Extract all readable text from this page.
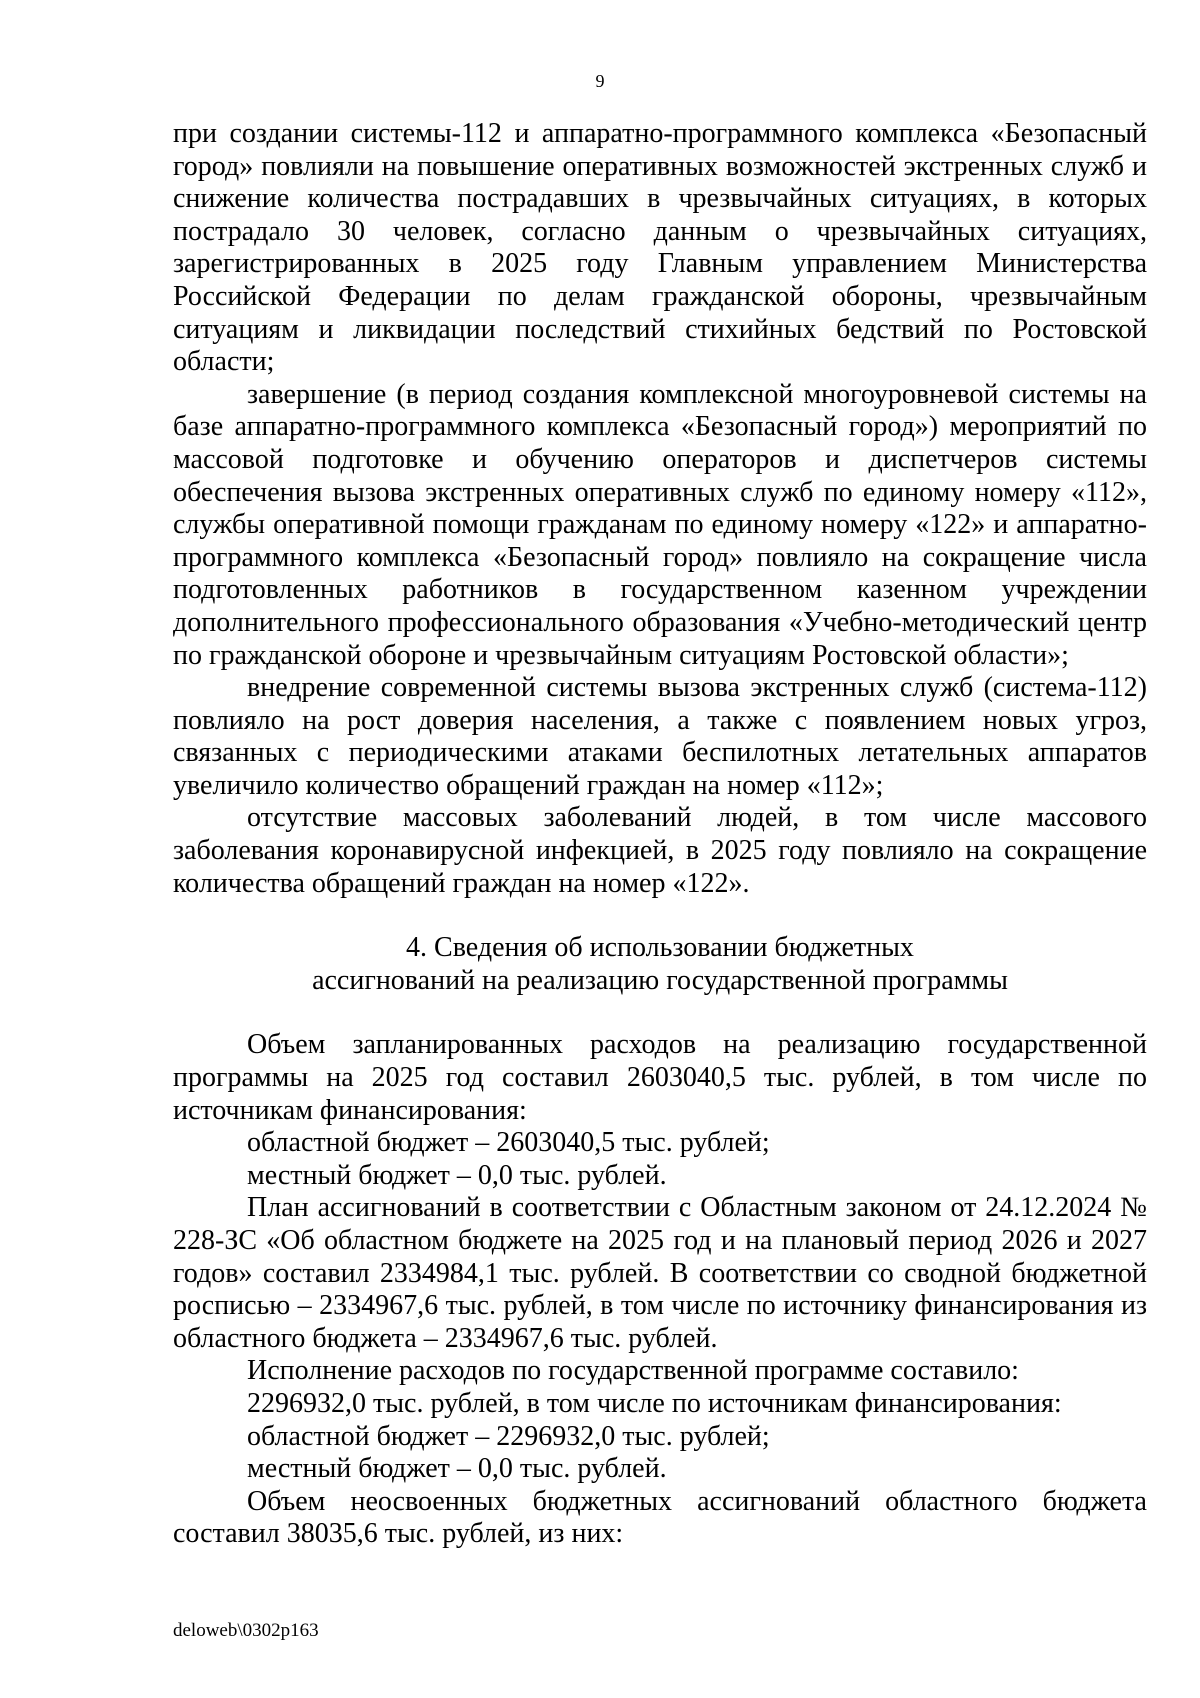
9

при создании системы-112 и аппаратно-программного комплекса «Безопасный город» повлияли на повышение оперативных возможностей экстренных служб и снижение количества пострадавших в чрезвычайных ситуациях, в которых пострадало 30 человек, согласно данным о чрезвычайных ситуациях, зарегистрированных в 2025 году Главным управлением Министерства Российской Федерации по делам гражданской обороны, чрезвычайным ситуациям и ликвидации последствий стихийных бедствий по Ростовской области;

завершение (в период создания комплексной многоуровневой системы на базе аппаратно-программного комплекса «Безопасный город») мероприятий по массовой подготовке и обучению операторов и диспетчеров системы обеспечения вызова экстренных оперативных служб по единому номеру «112», службы оперативной помощи гражданам по единому номеру «122» и аппаратно-программного комплекса «Безопасный город» повлияло на сокращение числа подготовленных работников в государственном казенном учреждении дополнительного профессионального образования «Учебно-методический центр по гражданской обороне и чрезвычайным ситуациям Ростовской области»;

внедрение современной системы вызова экстренных служб (система-112) повлияло на рост доверия населения, а также с появлением новых угроз, связанных с периодическими атаками беспилотных летательных аппаратов увеличило количество обращений граждан на номер «112»;

отсутствие массовых заболеваний людей, в том числе массового заболевания коронавирусной инфекцией, в 2025 году повлияло на сокращение количества обращений граждан на номер «122».

4. Сведения об использовании бюджетных
ассигнований на реализацию государственной программы

Объем запланированных расходов на реализацию государственной программы на 2025 год составил 2603040,5 тыс. рублей, в том числе по источникам финансирования:

областной бюджет – 2603040,5 тыс. рублей;

местный бюджет – 0,0 тыс. рублей.

План ассигнований в соответствии с Областным законом от 24.12.2024 № 228-ЗС «Об областном бюджете на 2025 год и на плановый период 2026 и 2027 годов» составил 2334984,1 тыс. рублей. В соответствии со сводной бюджетной росписью – 2334967,6 тыс. рублей, в том числе по источнику финансирования из областного бюджета – 2334967,6 тыс. рублей.

Исполнение расходов по государственной программе составило:

2296932,0 тыс. рублей, в том числе по источникам финансирования:

областной бюджет – 2296932,0 тыс. рублей;

местный бюджет – 0,0 тыс. рублей.

Объем неосвоенных бюджетных ассигнований областного бюджета составил 38035,6 тыс. рублей, из них:

deloweb\0302p163
